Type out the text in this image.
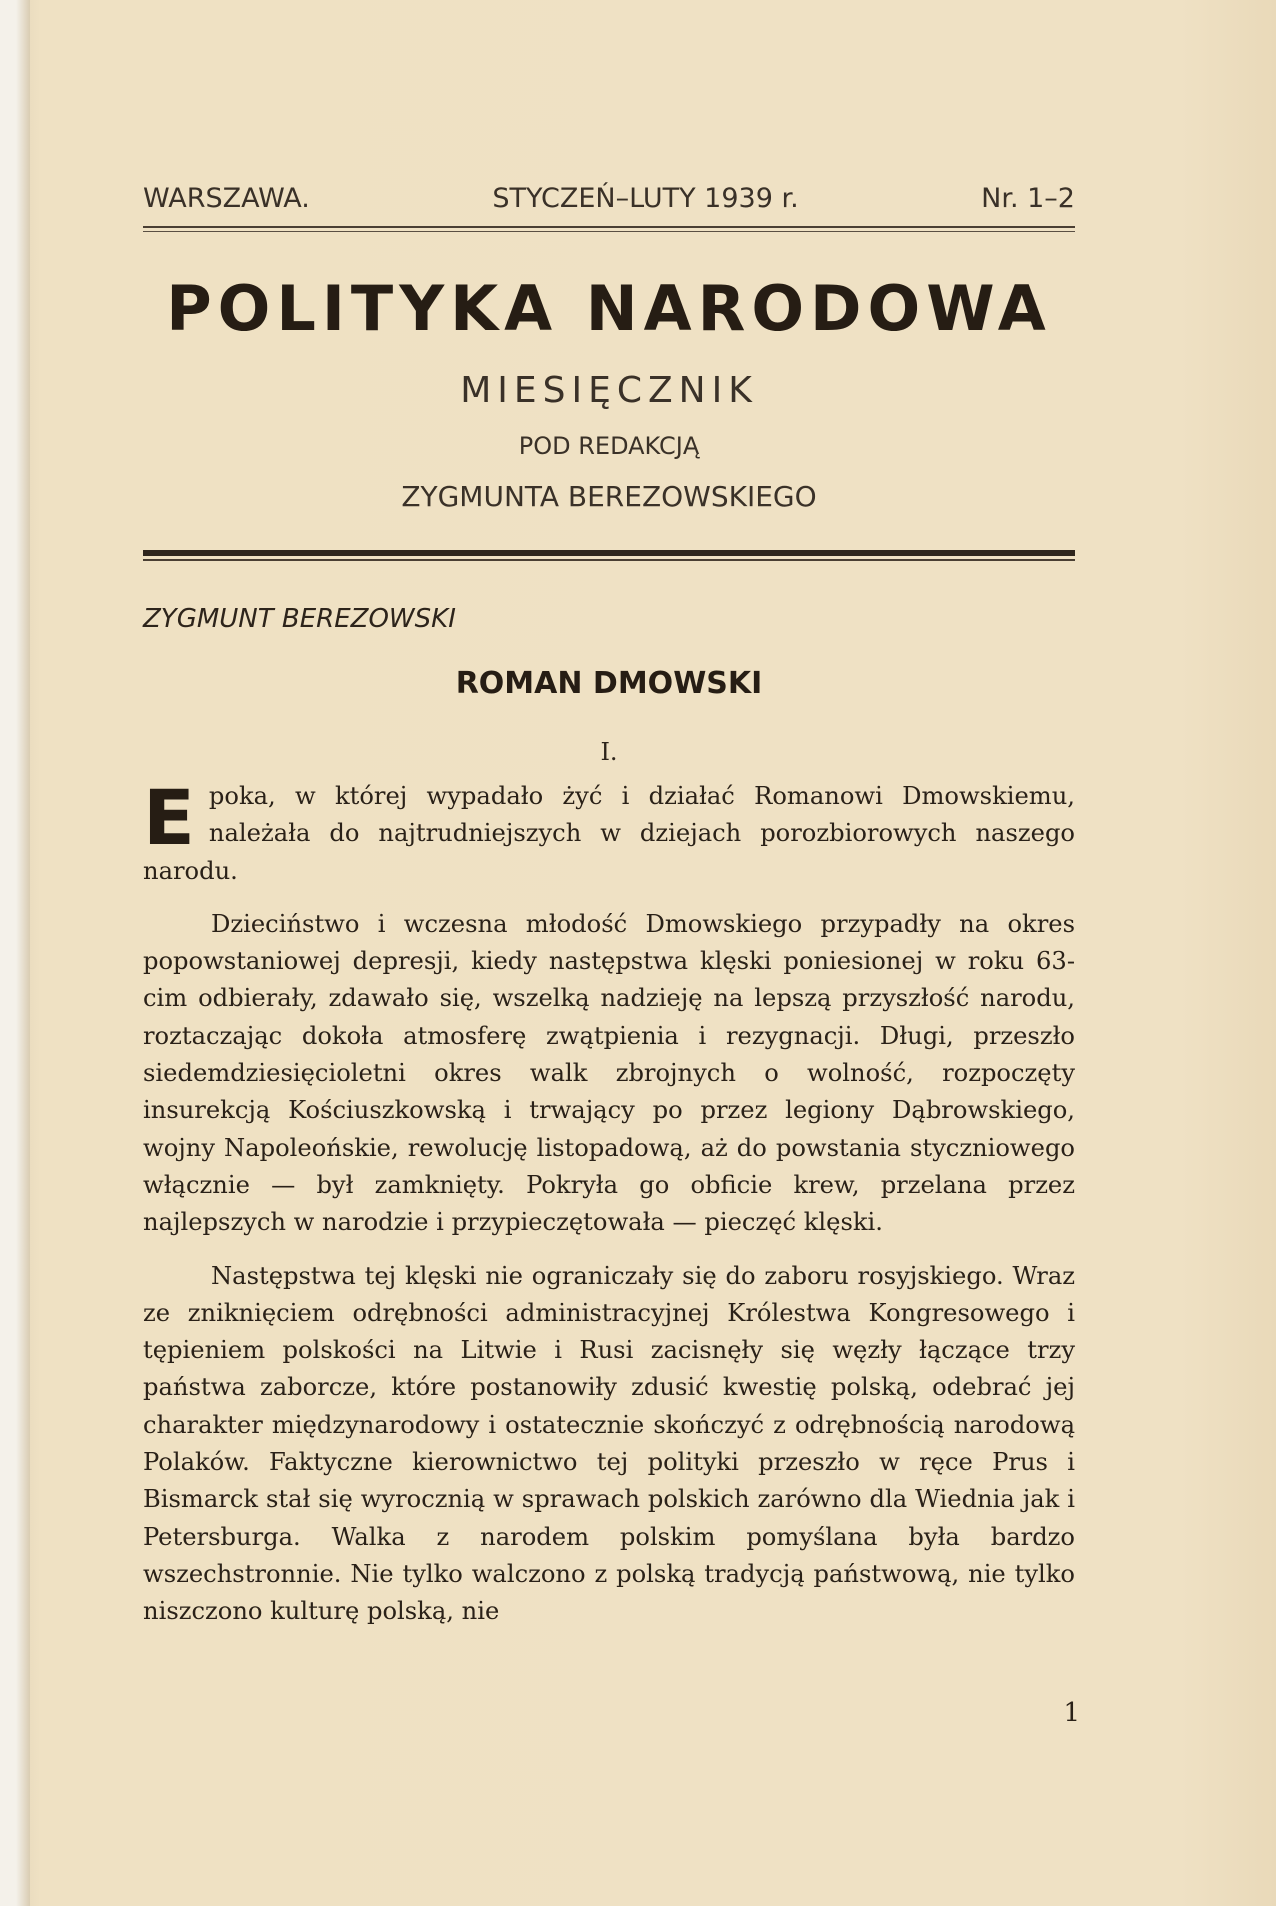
WARSZAWA.	STYCZEŃ–LUTY 1939 r.	Nr. 1–2
POLITYKA NARODOWA
MIESIĘCZNIK
POD REDAKCJĄ
ZYGMUNTA BEREZOWSKIEGO
ZYGMUNT BEREZOWSKI
ROMAN DMOWSKI
I.

Epoka, w której wypadało żyć i działać Romanowi Dmowskiemu, należała do najtrudniejszych w dziejach porozbiorowych naszego narodu.

Dzieciństwo i wczesna młodość Dmowskiego przypadły na okres popowstaniowej depresji, kiedy następstwa klęski poniesionej w roku 63-cim odbierały, zdawało się, wszelką nadzieję na lepszą przyszłość narodu, roztaczając dokoła atmosferę zwątpienia i rezygnacji. Długi, przeszło siedemdziesięcioletni okres walk zbrojnych o wolność, rozpoczęty insurekcją Kościuszkowską i trwający po przez legiony Dąbrowskiego, wojny Napoleońskie, rewolucję listopadową, aż do powstania styczniowego włącznie — był zamknięty. Pokryła go obficie krew, przelana przez najlepszych w narodzie i przypieczętowała — pieczęć klęski.

Następstwa tej klęski nie ograniczały się do zaboru rosyjskiego. Wraz ze zniknięciem odrębności administracyjnej Królestwa Kongresowego i tępieniem polskości na Litwie i Rusi zacisnęły się węzły łączące trzy państwa zaborcze, które postanowiły zdusić kwestię polską, odebrać jej charakter międzynarodowy i ostatecznie skończyć z odrębnością narodową Polaków. Faktyczne kierownictwo tej polityki przeszło w ręce Prus i Bismarck stał się wyrocznią w sprawach polskich zarówno dla Wiednia jak i Petersburga. Walka z narodem polskim pomyślana była bardzo wszechstronnie. Nie tylko walczono z polską tradycją państwową, nie tylko niszczono kulturę polską, nie

1
